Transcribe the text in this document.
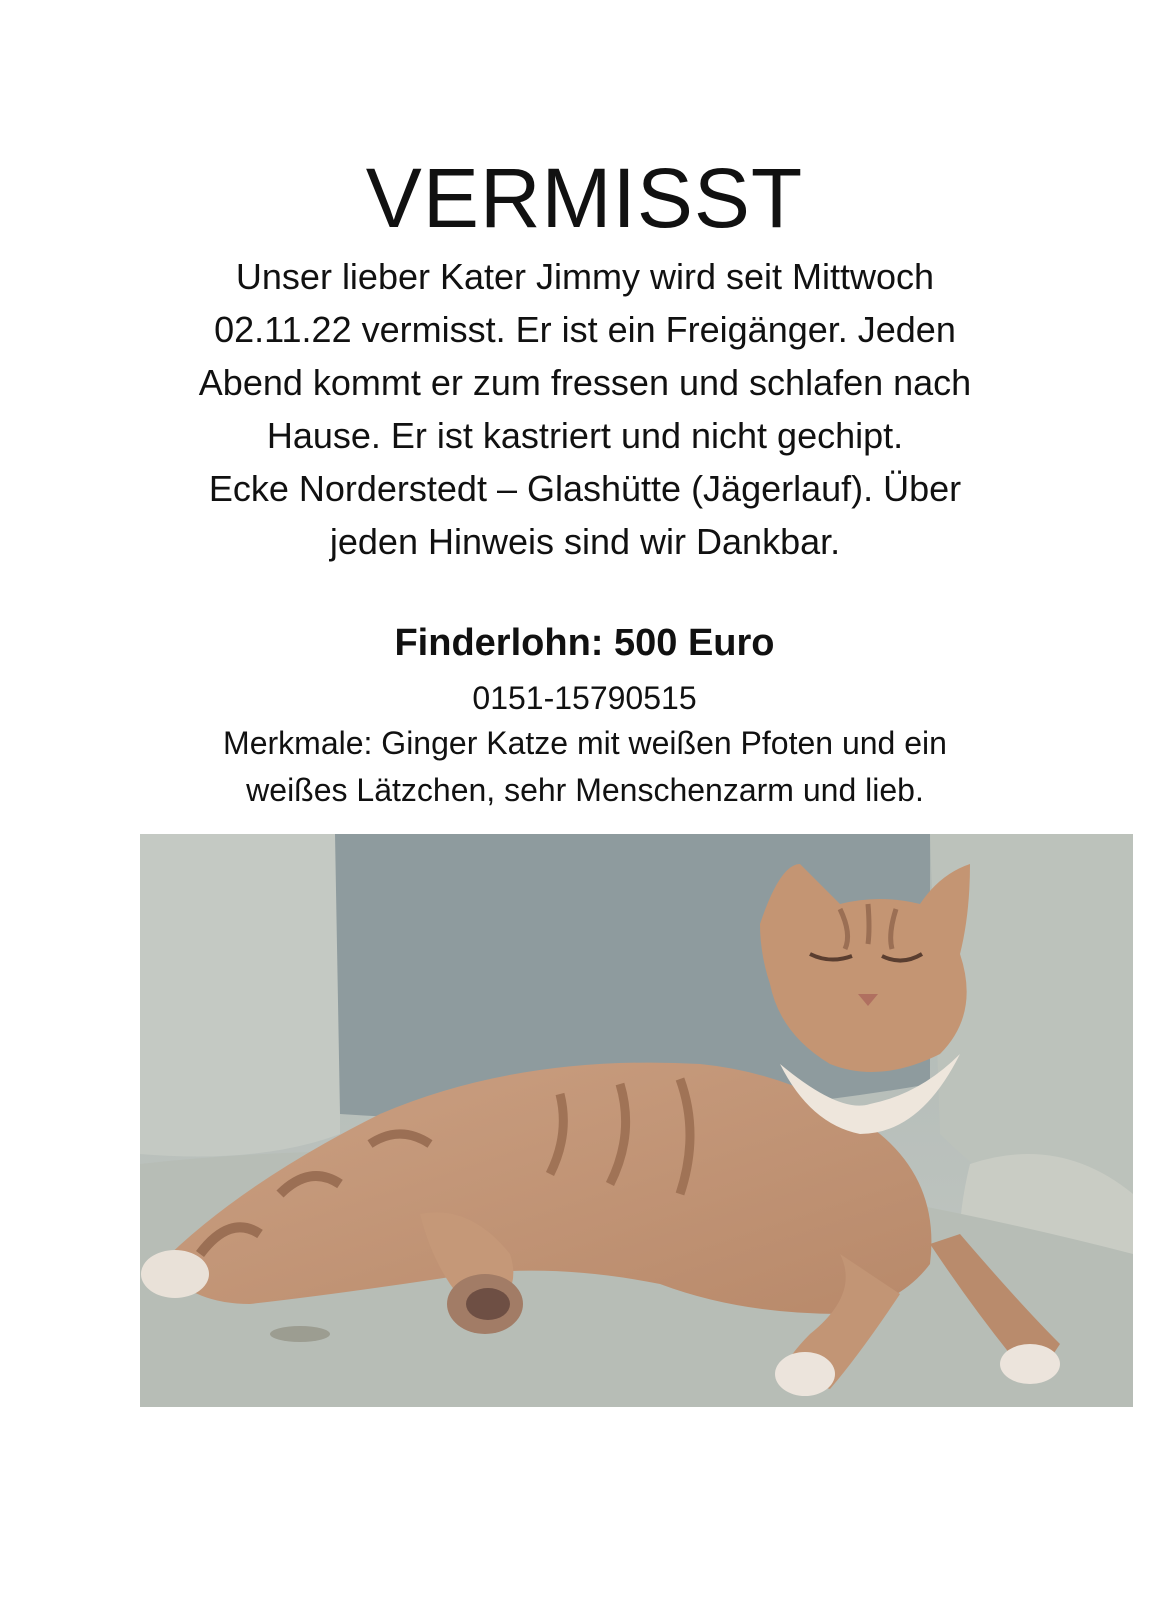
VERMISST

Unser lieber Kater Jimmy wird seit Mittwoch
02.11.22 vermisst. Er ist ein Freigänger. Jeden
Abend kommt er zum fressen und schlafen nach
Hause. Er ist kastriert und nicht gechipt.
Ecke Norderstedt – Glashütte (Jägerlauf). Über
jeden Hinweis sind wir Dankbar.

Finderlohn: 500 Euro

0151-15790515
Merkmale: Ginger Katze mit weißen Pfoten und ein
weißes Lätzchen, sehr Menschenzarm und lieb.
